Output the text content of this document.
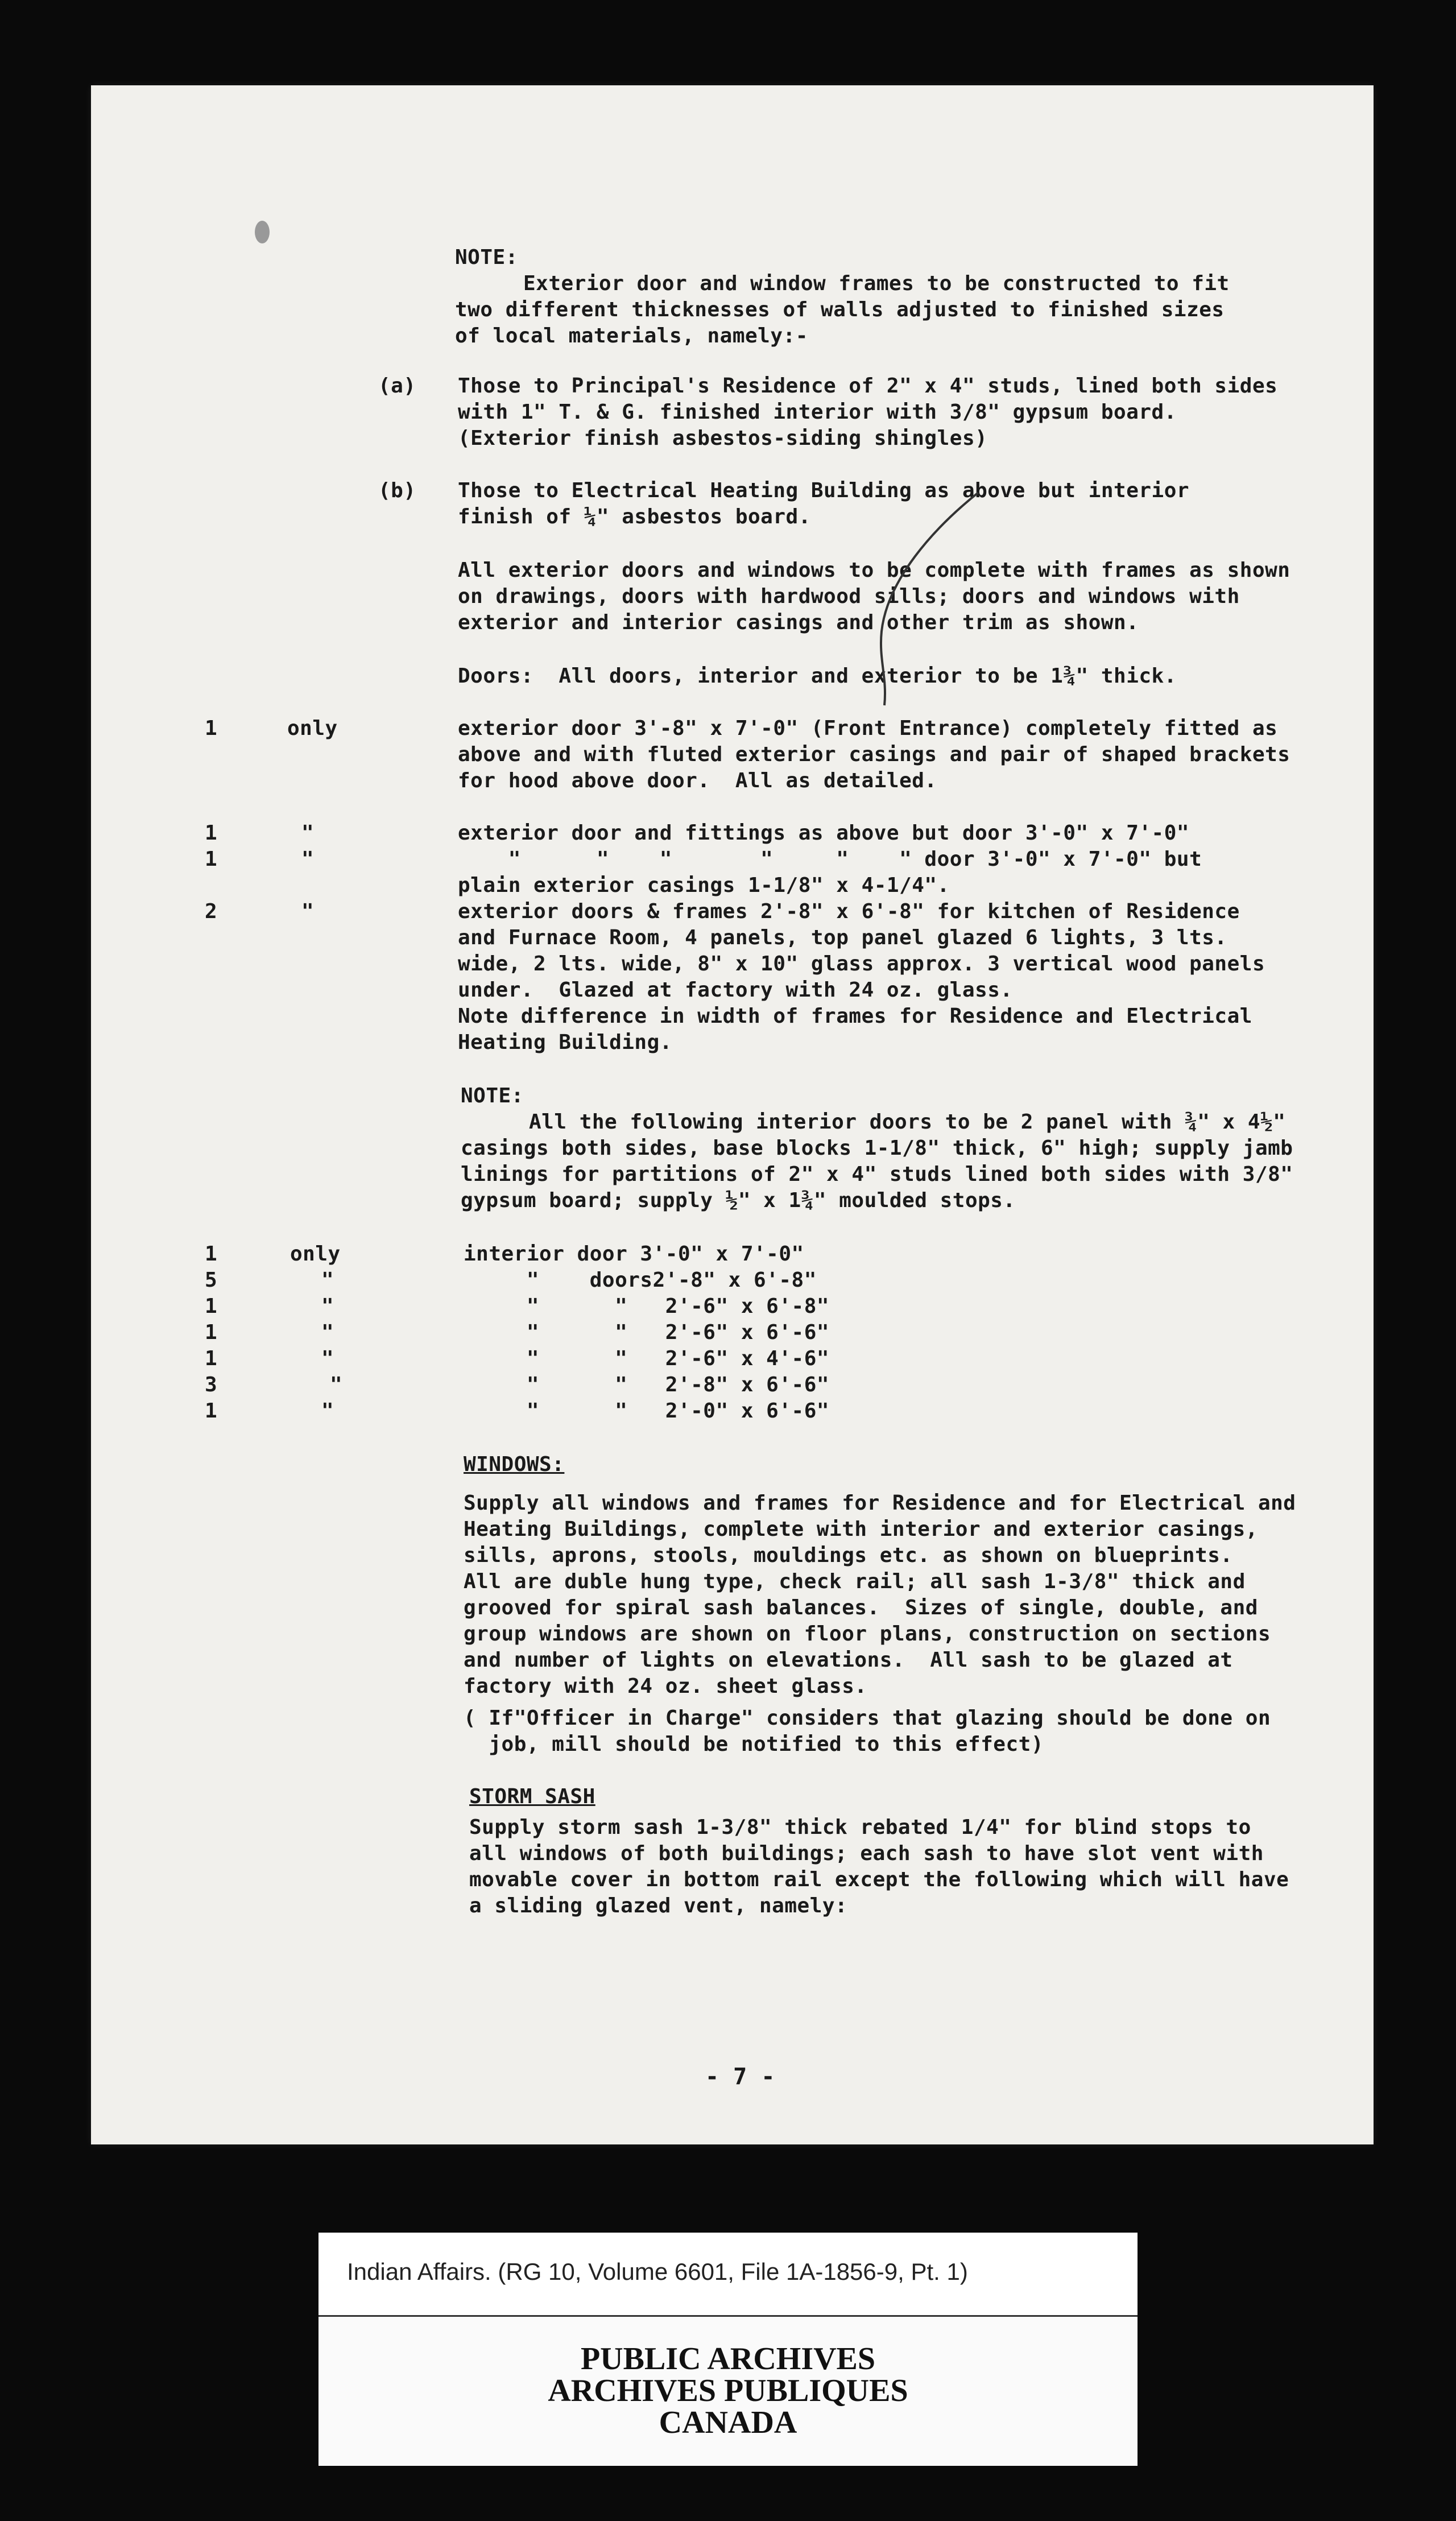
NOTE:
Exterior door and window frames to be constructed to fit
two different thicknesses of walls adjusted to finished sizes
of local materials, namely:-
(a) Those to Principal's Residence of 2" x 4" studs, lined both sides
with 1" T. & G. finished interior with 3/8" gypsum board.
(Exterior finish asbestos-siding shingles)
(b) Those to Electrical Heating Building as above but interior
finish of ¼" asbestos board.
All exterior doors and windows to be complete with frames as shown
on drawings, doors with hardwood sills; doors and windows with
exterior and interior casings and other trim as shown.
Doors:  All doors, interior and exterior to be 1¾" thick.
1	only	exterior door 3'-8" x 7'-0" (Front Entrance) completely fitted as
above and with fluted exterior casings and pair of shaped brackets
for hood above door.  All as detailed.
1	"	exterior door and fittings as above but door 3'-0" x 7'-0"
1	"	"      "    "       "     "    " door 3'-0" x 7'-0" but
plain exterior casings 1-1/8" x 4-1/4".
2	"	exterior doors & frames 2'-8" x 6'-8" for kitchen of Residence
and Furnace Room, 4 panels, top panel glazed 6 lights, 3 lts.
wide, 2 lts. wide, 8" x 10" glass approx. 3 vertical wood panels
under.  Glazed at factory with 24 oz. glass.
Note difference in width of frames for Residence and Electrical
Heating Building.
NOTE:
All the following interior doors to be 2 panel with ¾" x 4½"
casings both sides, base blocks 1-1/8" thick, 6" high; supply jamb
linings for partitions of 2" x 4" studs lined both sides with 3/8"
gypsum board; supply ½" x 1¾" moulded stops.
1	only	interior door 3'-0" x 7'-0"
5	"	"    doors2'-8" x 6'-8"
1	"	"      "   2'-6" x 6'-8"
1	"	"      "   2'-6" x 6'-6"
1	"	"      "   2'-6" x 4'-6"
3	"	"      "   2'-8" x 6'-6"
1	"	"      "   2'-0" x 6'-6"
WINDOWS:
Supply all windows and frames for Residence and for Electrical and
Heating Buildings, complete with interior and exterior casings,
sills, aprons, stools, mouldings etc. as shown on blueprints.
All are duble hung type, check rail; all sash 1-3/8" thick and
grooved for spiral sash balances.  Sizes of single, double, and
group windows are shown on floor plans, construction on sections
and number of lights on elevations.  All sash to be glazed at
factory with 24 oz. sheet glass.
( If"Officer in Charge" considers that glazing should be done on
job, mill should be notified to this effect)
STORM SASH
Supply storm sash 1-3/8" thick rebated 1/4" for blind stops to
all windows of both buildings; each sash to have slot vent with
movable cover in bottom rail except the following which will have
a sliding glazed vent, namely:
- 7 -
Indian Affairs. (RG 10, Volume 6601, File 1A-1856-9, Pt. 1)
PUBLIC ARCHIVES
ARCHIVES PUBLIQUES
CANADA
